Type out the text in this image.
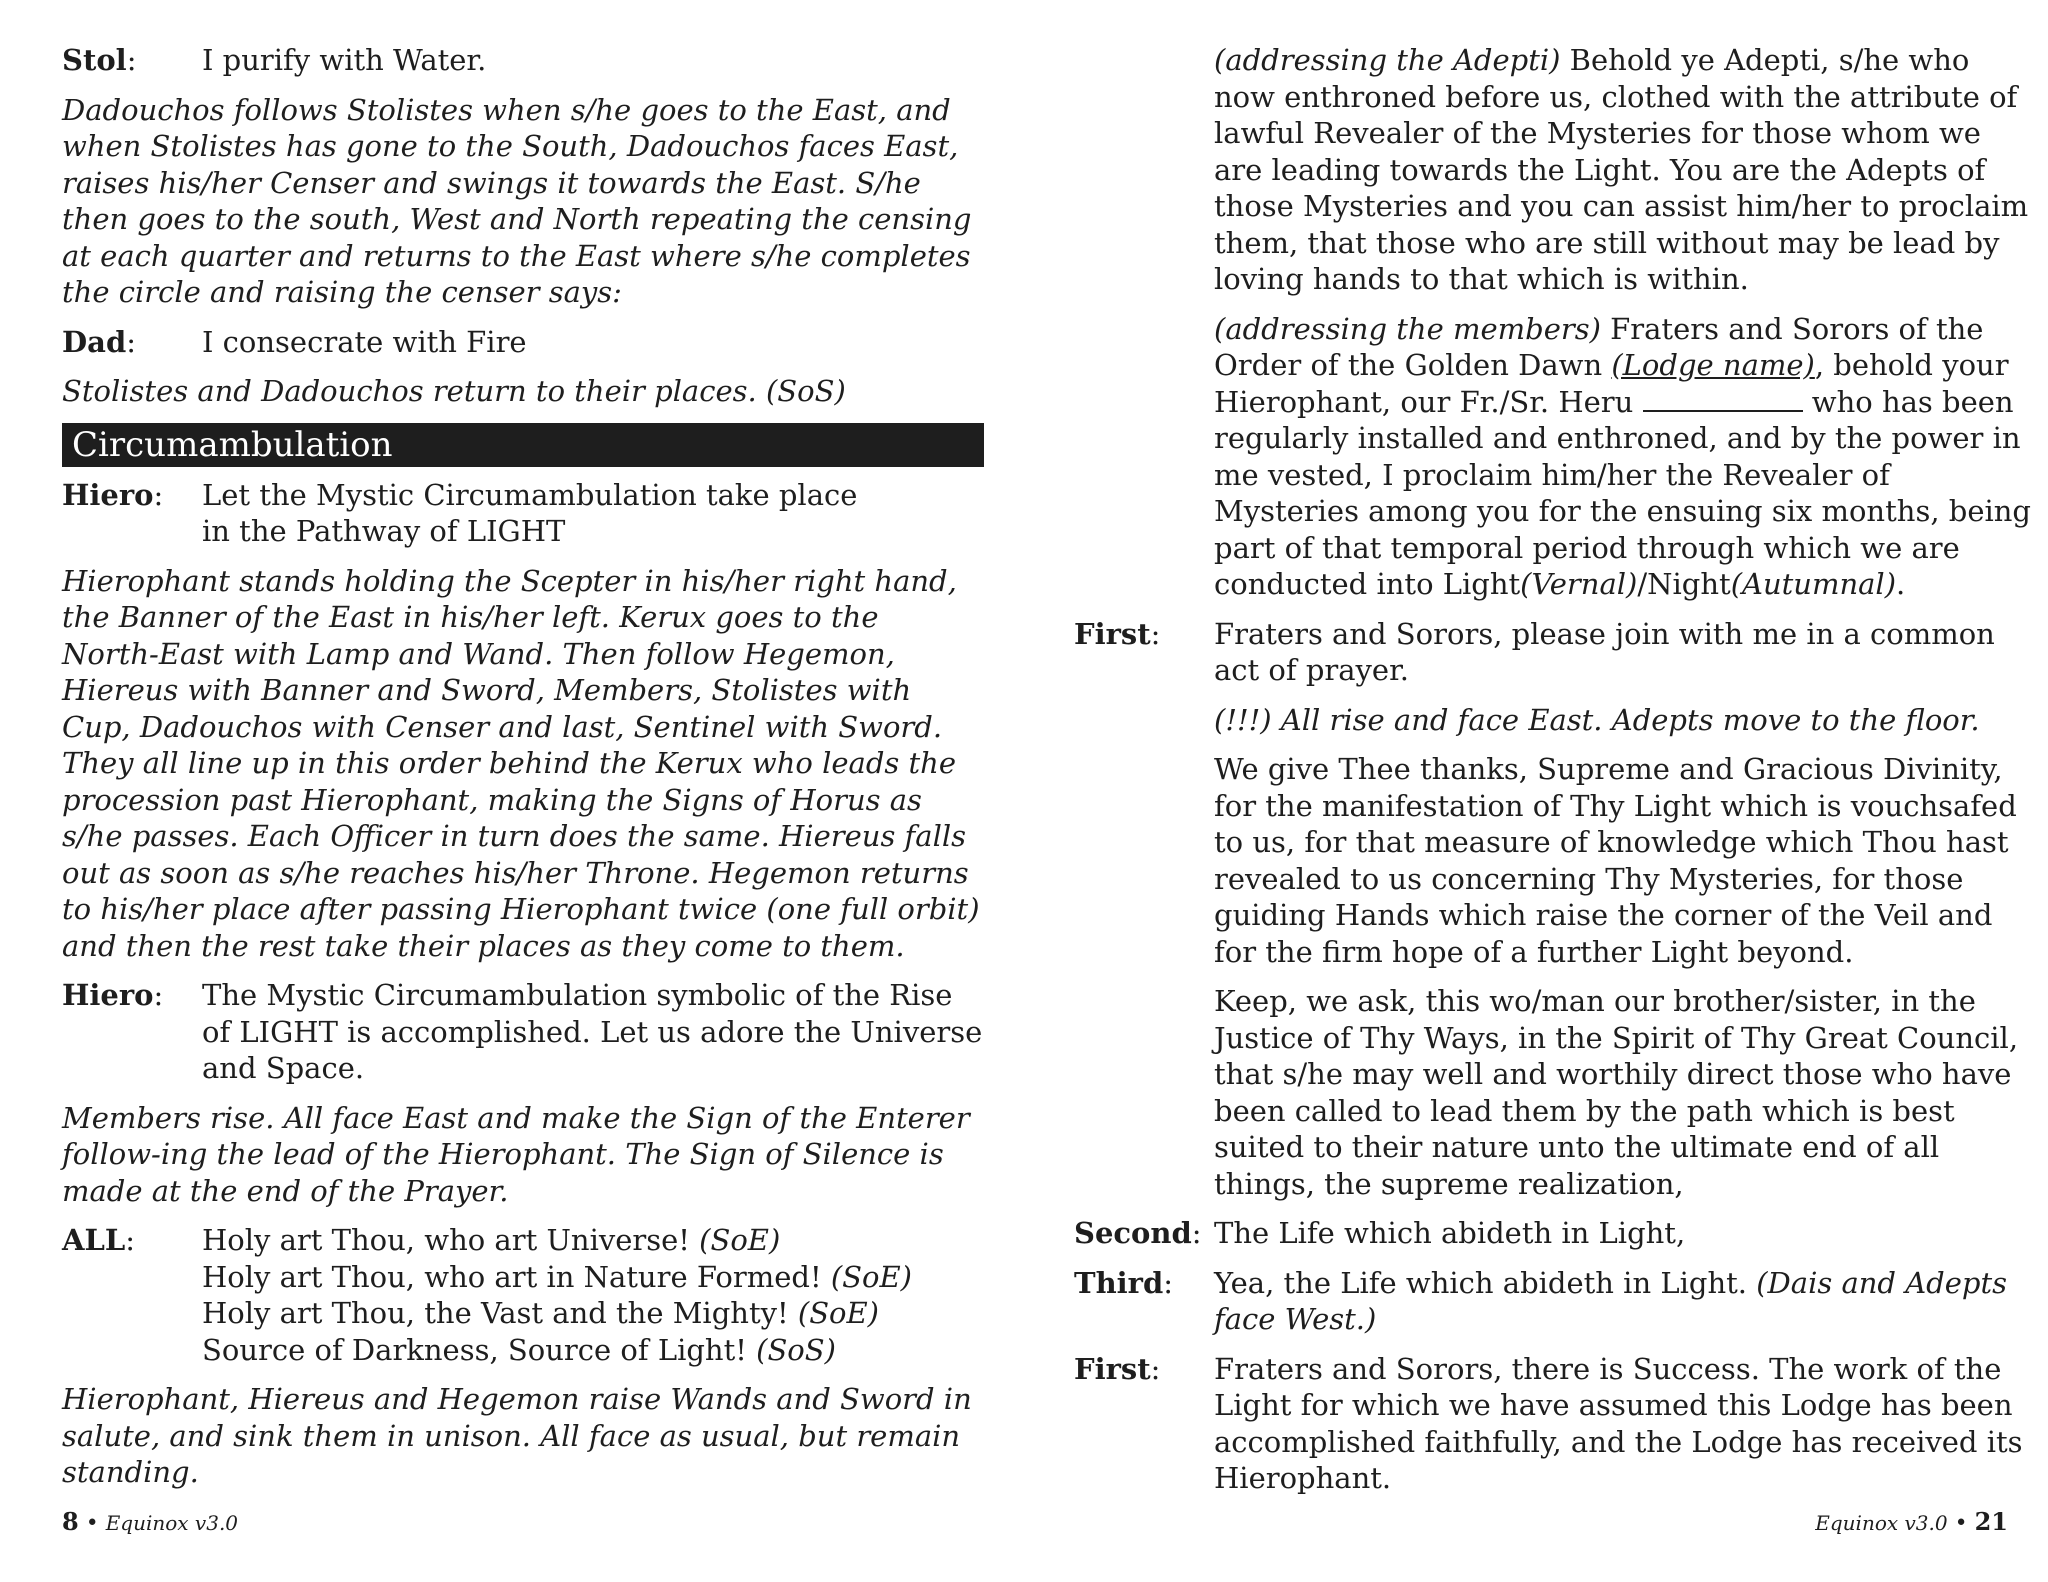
Stol:	I purify with Water.

Dadouchos follows Stolistes when s/he goes to the East, and when Stolistes has gone to the South, Dadouchos faces East, raises his/her Censer and swings it towards the East. S/he then goes to the south, West and North repeating the censing at each quarter and returns to the East where s/he completes the circle and raising the censer says:

Dad:	I consecrate with Fire

Stolistes and Dadouchos return to their places. (SoS)

Circumambulation
Hiero:	Let the Mystic Circumambulation take place
in the Pathway of LIGHT

Hierophant stands holding the Scepter in his/her right hand, the Banner of the East in his/her left. Kerux goes to the North-East with Lamp and Wand. Then follow Hegemon, Hiereus with Banner and Sword, Members, Stolistes with Cup, Dadouchos with Censer and last, Sentinel with Sword. They all line up in this order behind the Kerux who leads the procession past Hierophant, making the Signs of Horus as s/he passes. Each Officer in turn does the same. Hiereus falls out as soon as s/he reaches his/her Throne. Hegemon returns to his/her place after passing Hierophant twice (one full orbit) and then the rest take their places as they come to them.

Hiero:	The Mystic Circumambulation symbolic of the Rise of LIGHT is accomplished. Let us adore the Universe and Space.

Members rise. All face East and make the Sign of the Enterer follow-ing the lead of the Hierophant. The Sign of Silence is made at the end of the Prayer.

ALL:	Holy art Thou, who art Universe! (SoE)
Holy art Thou, who art in Nature Formed! (SoE)
Holy art Thou, the Vast and the Mighty! (SoE)
Source of Darkness, Source of Light! (SoS)

Hierophant, Hiereus and Hegemon raise Wands and Sword in salute, and sink them in unison. All face as usual, but remain standing.

8 • Equinox v3.0

(addressing the Adepti) Behold ye Adepti, s/he who now enthroned before us, clothed with the attribute of lawful Revealer of the Mysteries for those whom we are leading towards the Light. You are the Adepts of those Mysteries and you can assist him/her to proclaim them, that those who are still without may be lead by loving hands to that which is within.

(addressing the members) Fraters and Sorors of the Order of the Golden Dawn (Lodge name), behold your Hierophant, our Fr./Sr. Heru	who has been regularly installed and enthroned, and by the power in me vested, I proclaim him/her the Revealer of Mysteries among you for the ensuing six months, being part of that temporal period through which we are conducted into Light(Vernal)/Night(Autumnal).

First:	Fraters and Sorors, please join with me in a common act of prayer.

(!!!) All rise and face East. Adepts move to the floor.

We give Thee thanks, Supreme and Gracious Divinity, for the manifestation of Thy Light which is vouchsafed to us, for that measure of knowledge which Thou hast revealed to us concerning Thy Mysteries, for those guiding Hands which raise the corner of the Veil and for the firm hope of a further Light beyond.

Keep, we ask, this wo/man our brother/sister, in the Justice of Thy Ways, in the Spirit of Thy Great Council, that s/he may well and worthily direct those who have been called to lead them by the path which is best suited to their nature unto the ultimate end of all things, the supreme realization,

Second: The Life which abideth in Light,
Third:	Yea, the Life which abideth in Light. (Dais and Adepts face West.)
First:	Fraters and Sorors, there is Success. The work of the Light for which we have assumed this Lodge has been accomplished faithfully, and the Lodge has received its Hierophant.
Equinox v3.0 • 21
